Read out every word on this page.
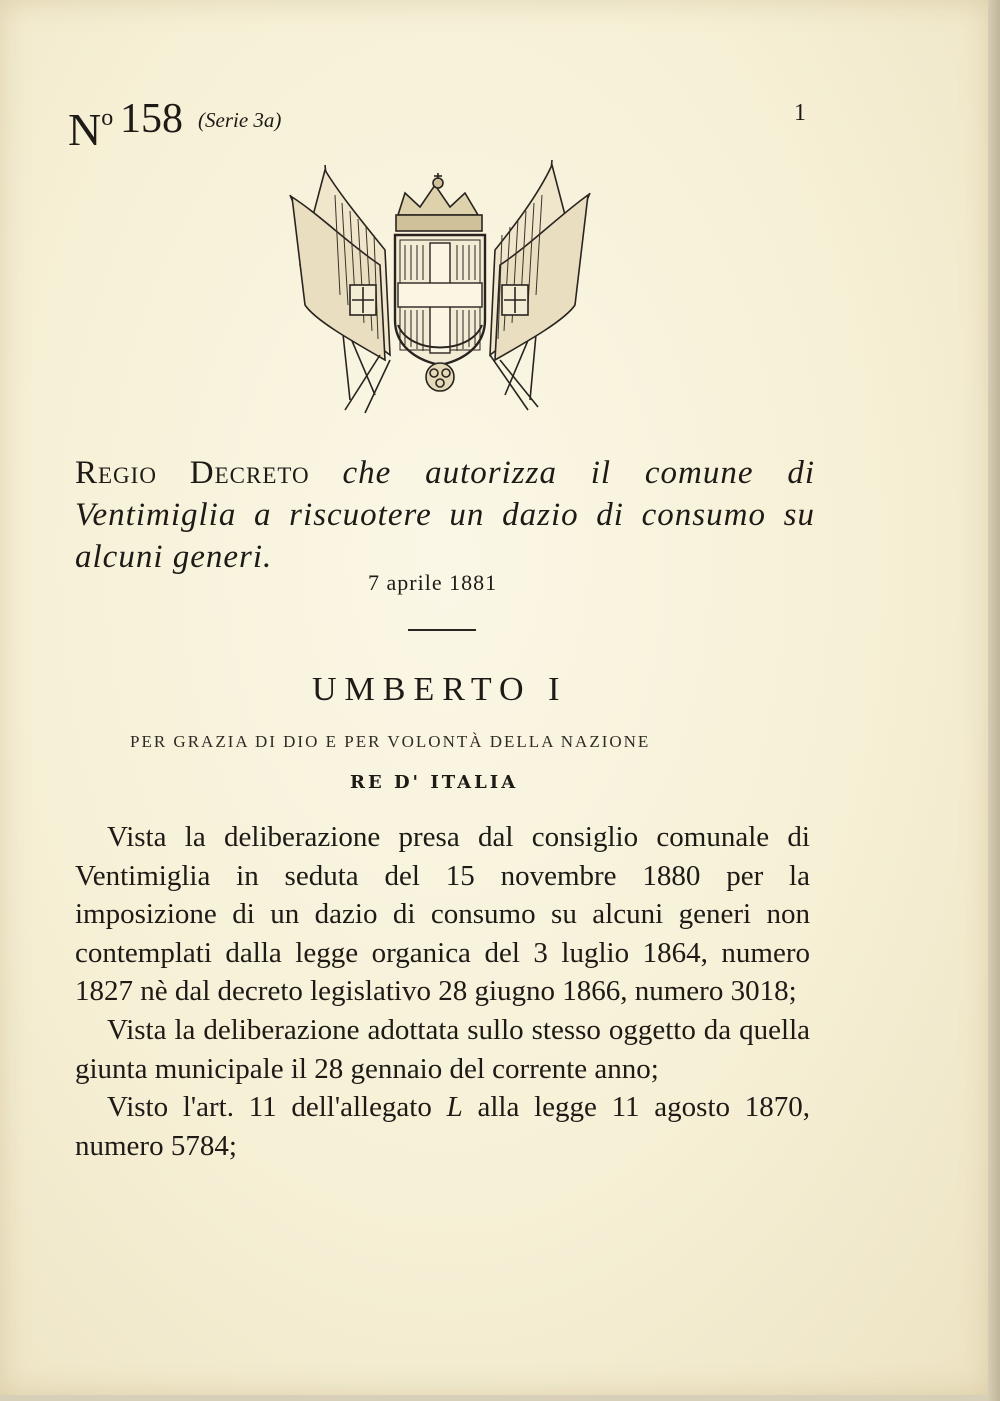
$N^o$ 158 (Serie 3a)	1
Regio Decreto che autorizza il comune di Ventimiglia a riscuotere un dazio di consumo su alcuni generi.
7 aprile 1881
UMBERTO I
PER GRAZIA DI DIO E PER VOLONTÀ DELLA NAZIONE
RE D' ITALIA

Vista la deliberazione presa dal consiglio comunale di Ventimiglia in seduta del 15 novembre 1880 per la imposizione di un dazio di consumo su alcuni generi non contemplati dalla legge organica del 3 luglio 1864, numero 1827 nè dal decreto legislativo 28 giugno 1866, numero 3018;

Vista la deliberazione adottata sullo stesso oggetto da quella giunta municipale il 28 gennaio del corrente anno;

Visto l'art. 11 dell'allegato L alla legge 11 agosto 1870, numero 5784;
